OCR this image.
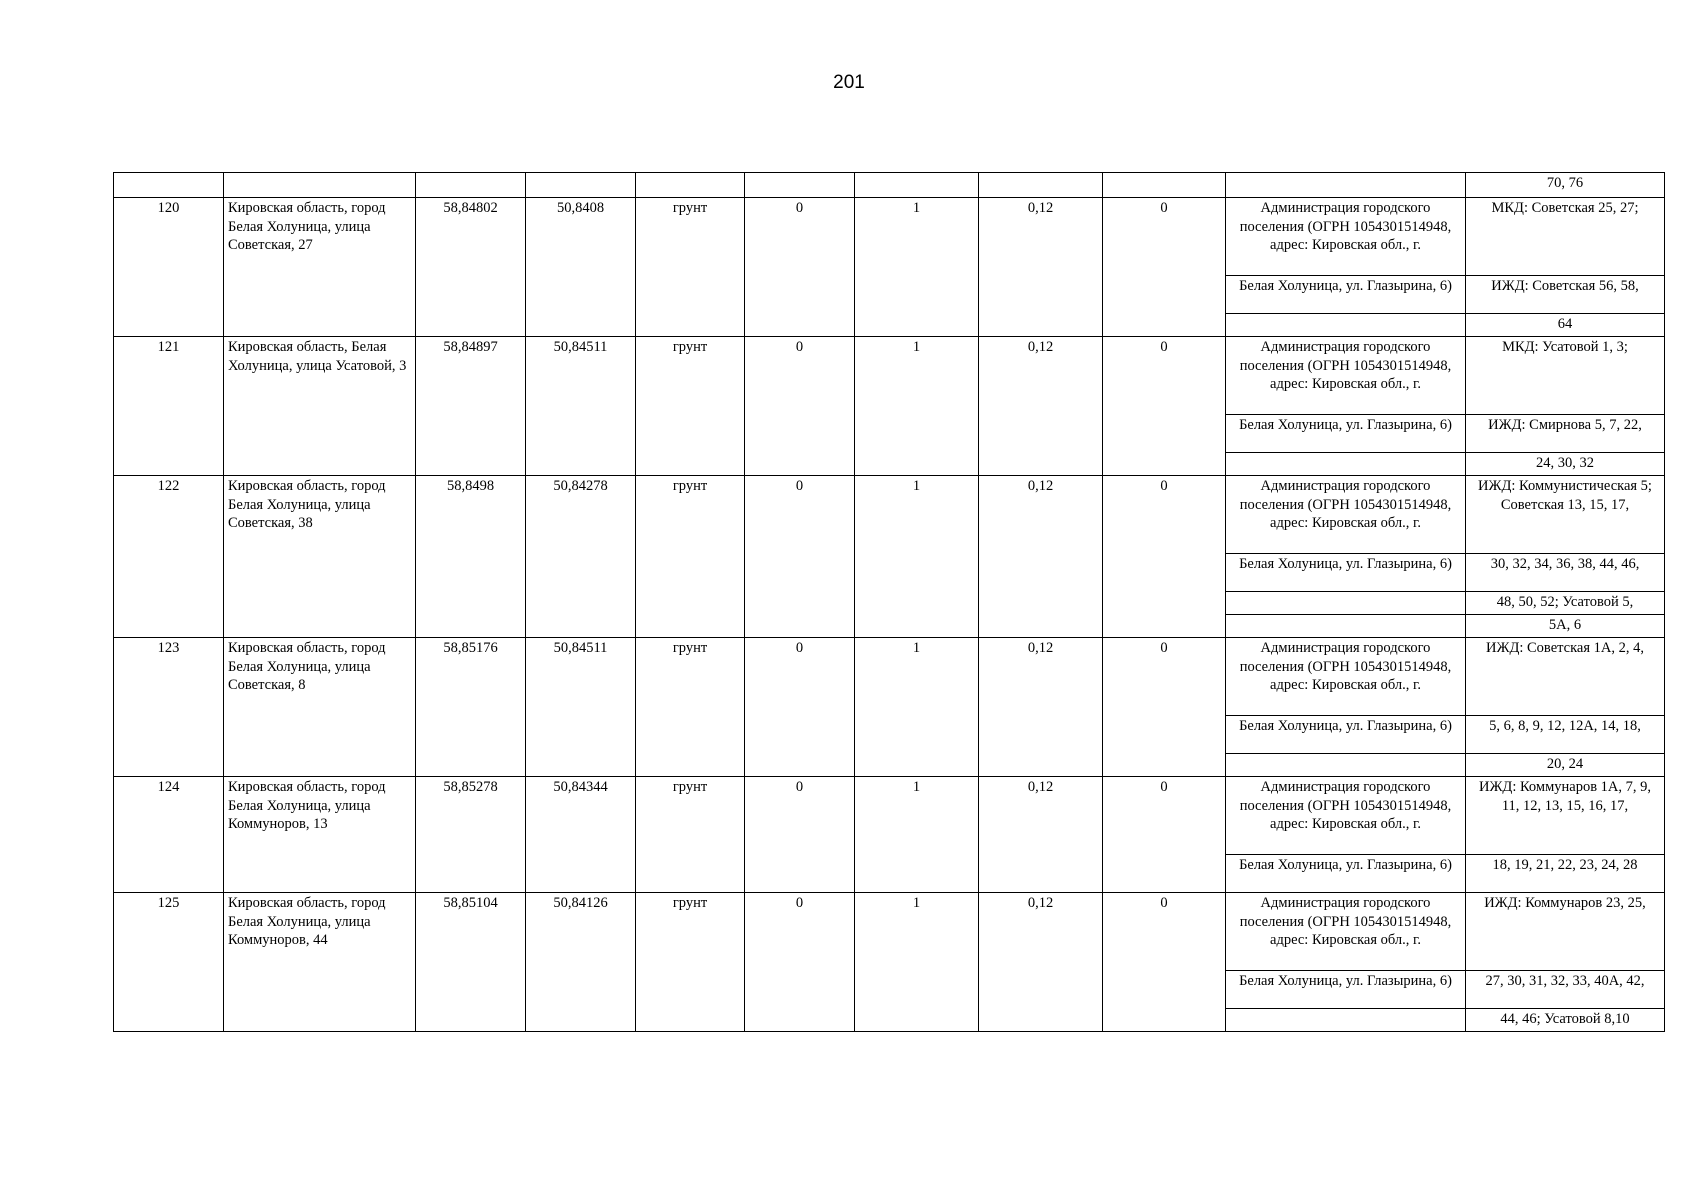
201
										70, 76
120	Кировская область, город Белая Холуница, улица Советская, 27	58,84802	50,8408	грунт	0	1	0,12	0	Администрация городского поселения (ОГРН 1054301514948, адрес: Кировская обл., г.	МКД: Советская 25, 27;
									Белая Холуница, ул. Глазырина, 6)	ИЖД: Советская 56, 58,
										64
121	Кировская область, Белая Холуница, улица Усатовой, 3	58,84897	50,84511	грунт	0	1	0,12	0	Администрация городского поселения (ОГРН 1054301514948, адрес: Кировская обл., г.	МКД: Усатовой 1, 3;
									Белая Холуница, ул. Глазырина, 6)	ИЖД: Смирнова 5, 7, 22,
										24, 30, 32
122	Кировская область, город Белая Холуница, улица Советская, 38	58,8498	50,84278	грунт	0	1	0,12	0	Администрация городского поселения (ОГРН 1054301514948, адрес: Кировская обл., г.	ИЖД: Коммунистическая 5; Советская 13, 15, 17,
									Белая Холуница, ул. Глазырина, 6)	30, 32, 34, 36, 38, 44, 46,
										48, 50, 52; Усатовой 5,
										5А, 6
123	Кировская область, город Белая Холуница, улица Советская, 8	58,85176	50,84511	грунт	0	1	0,12	0	Администрация городского поселения (ОГРН 1054301514948, адрес: Кировская обл., г.	ИЖД: Советская 1А, 2, 4,
									Белая Холуница, ул. Глазырина, 6)	5, 6, 8, 9, 12, 12А, 14, 18,
										20, 24
124	Кировская область, город Белая Холуница, улица Коммуноров, 13	58,85278	50,84344	грунт	0	1	0,12	0	Администрация городского поселения (ОГРН 1054301514948, адрес: Кировская обл., г.	ИЖД: Коммунаров 1А, 7, 9, 11, 12, 13, 15, 16, 17,
									Белая Холуница, ул. Глазырина, 6)	18, 19, 21, 22, 23, 24, 28
125	Кировская область, город Белая Холуница, улица Коммуноров, 44	58,85104	50,84126	грунт	0	1	0,12	0	Администрация городского поселения (ОГРН 1054301514948, адрес: Кировская обл., г.	ИЖД: Коммунаров 23, 25,
									Белая Холуница, ул. Глазырина, 6)	27, 30, 31, 32, 33, 40А, 42,
										44, 46; Усатовой 8,10
